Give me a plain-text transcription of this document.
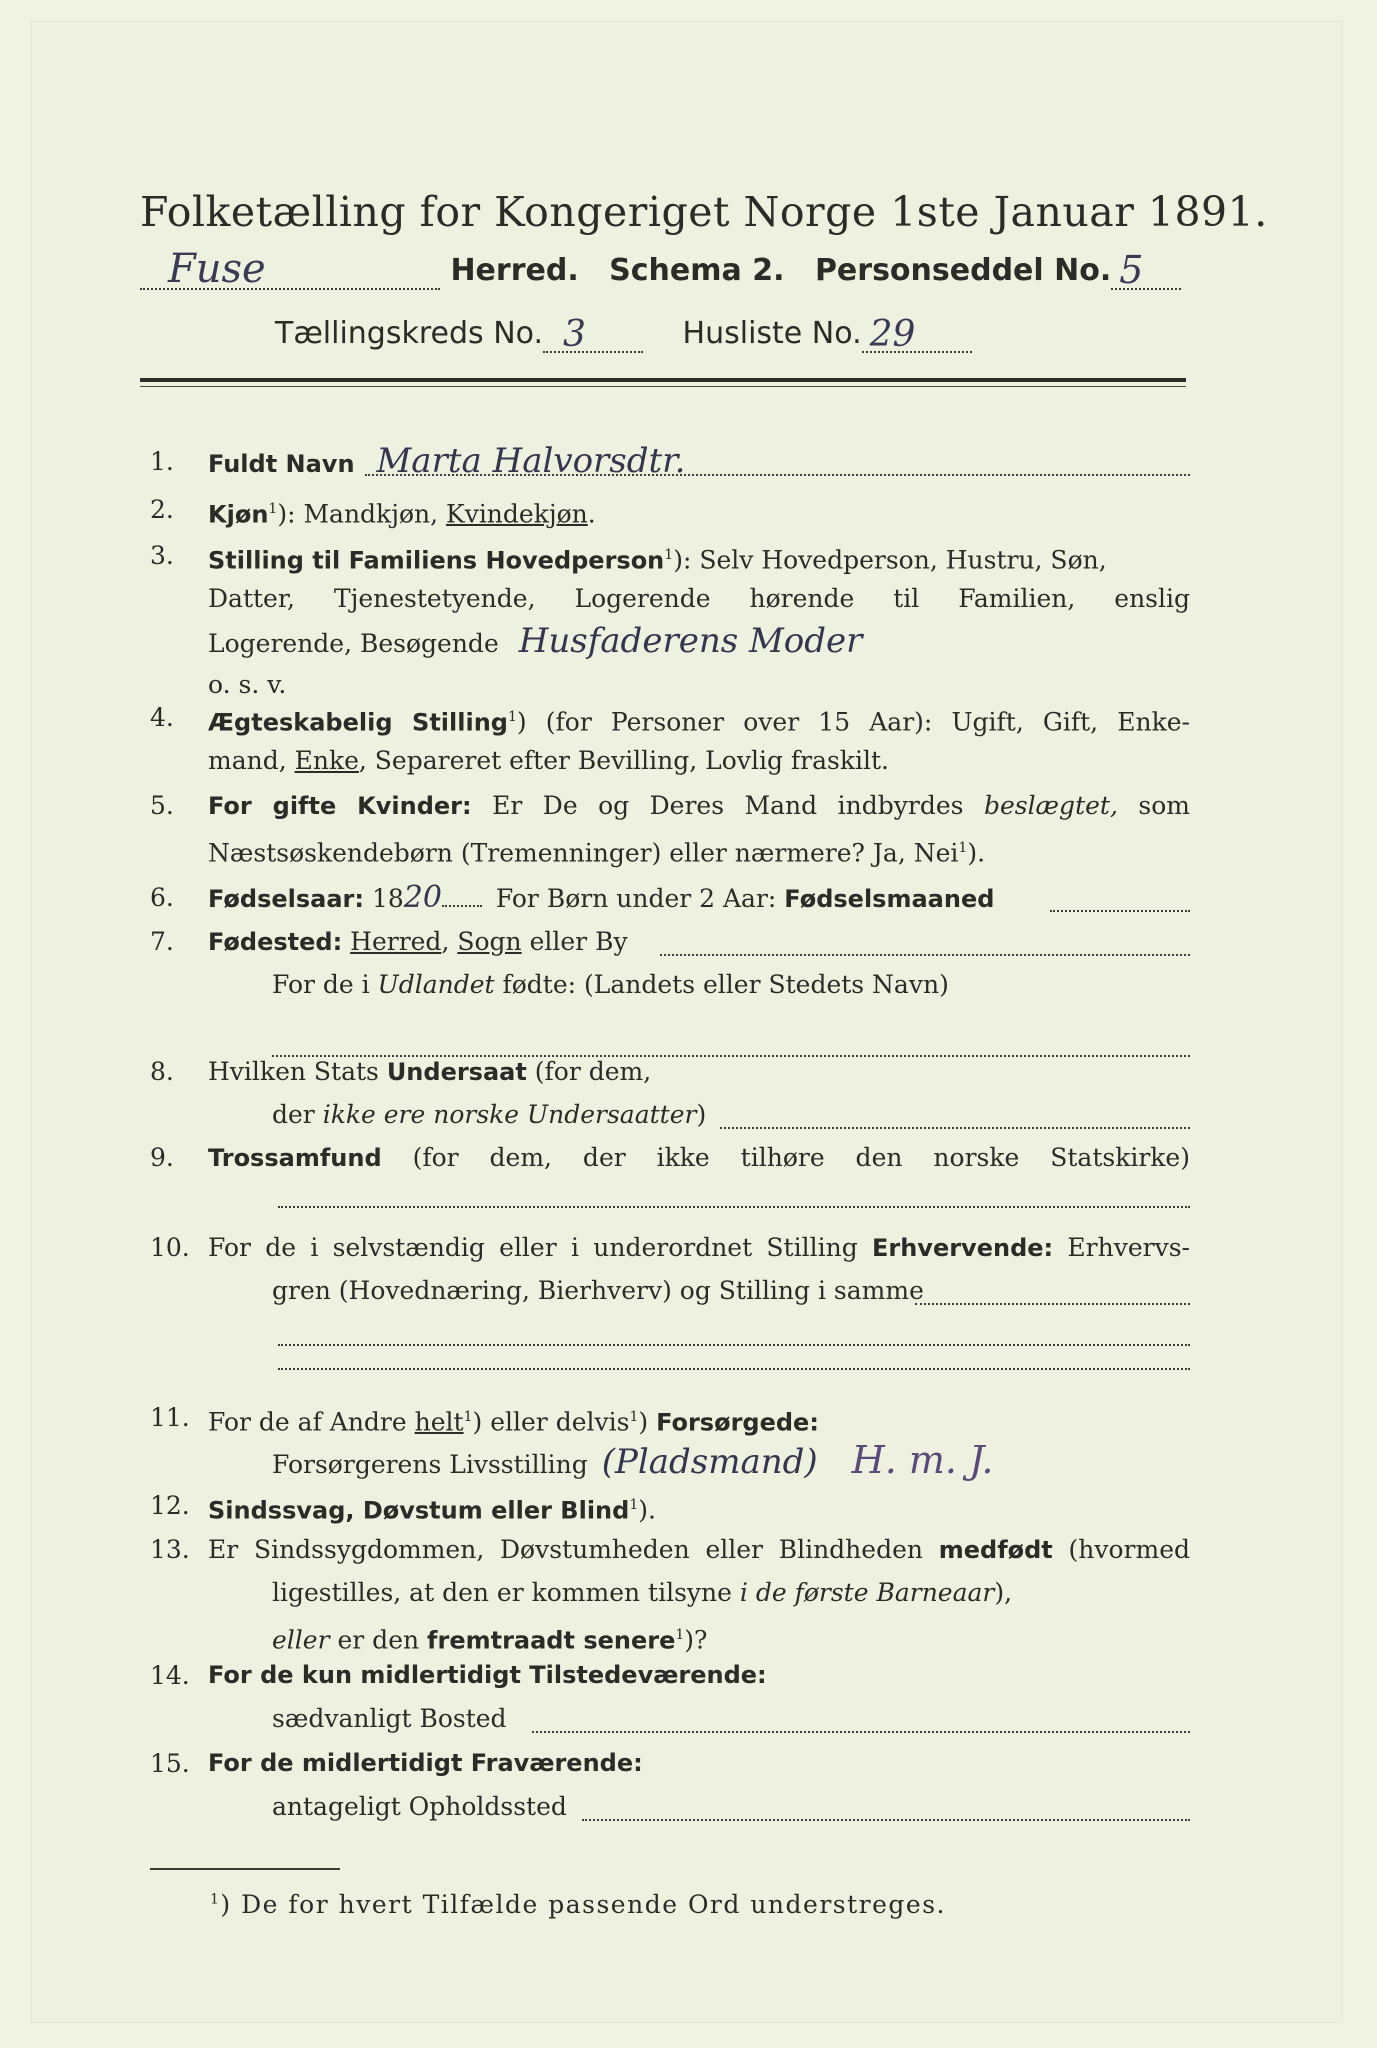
Folketælling for Kongeriget Norge 1ste Januar 1891.
Fuse	Herred. Schema 2. Personseddel No. 5

Tællingskreds No. 3	Husliste No. 29

1.	Fuldt Navn Marta Halvorsdtr.
2.	Kjøn$^1$): Mandkjøn, Kvindekjøn.
3.	Stilling til Familiens Hovedperson$^1$): Selv Hovedperson, Hustru, Søn,
Datter, Tjenestetyende, Logerende hørende til Familien, enslig
Logerende, Besøgende Husfaderens Moder
o. s. v.
4.	Ægteskabelig Stilling$^1$) (for Personer over 15 Aar): Ugift, Gift, Enke-
mand, Enke, Separeret efter Bevilling, Lovlig fraskilt.
5.	For gifte Kvinder: Er De og Deres Mand indbyrdes beslægtet, som
Næstsøskendebørn (Tremenninger) eller nærmere? Ja, Nei$^1$).
6.	Fødselsaar: 1820 For Børn under 2 Aar: Fødselsmaaned
7.	Fødested: Herred, Sogn eller By
For de i Udlandet fødte: (Landets eller Stedets Navn)
8.	Hvilken Stats Undersaat (for dem,
der ikke ere norske Undersaatter)
9.	Trossamfund (for dem, der ikke tilhøre den norske Statskirke)
10. For de i selvstændig eller i underordnet Stilling Erhvervende: Erhvervs-
gren (Hovednæring, Bierhverv) og Stilling i samme
11. For de af Andre helt$^1$) eller delvis$^1$) Forsørgede:
Forsørgerens Livsstilling (Pladsmand) H. m. J.
12. Sindssvag, Døvstum eller Blind$^1$).
13. Er Sindssygdommen, Døvstumheden eller Blindheden medfødt (hvormed
ligestilles, at den er kommen tilsyne i de første Barneaar),
eller er den fremtraadt senere$^1$)?
14. For de kun midlertidigt Tilstedeværende:
sædvanligt Bosted
15. For de midlertidigt Fraværende:
antageligt Opholdssted
$^1$) De for hvert Tilfælde passende Ord understreges.
